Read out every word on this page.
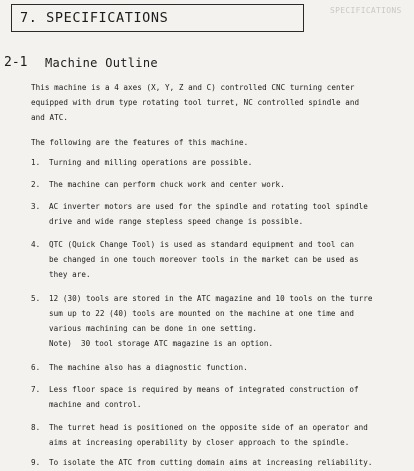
SPECIFICATIONS
7. SPECIFICATIONS
2-1 Machine Outline
This machine is a 4 axes (X, Y, Z and C) controlled CNC turning center
equipped with drum type rotating tool turret, NC controlled spindle and
and ATC.
The following are the features of this machine.
1. Turning and milling operations are possible.
2. The machine can perform chuck work and center work.
3. AC inverter motors are used for the spindle and rotating tool spindle
drive and wide range stepless speed change is possible.
4. QTC (Quick Change Tool) is used as standard equipment and tool can
be changed in one touch moreover tools in the market can be used as
they are.
5. 12 (30) tools are stored in the ATC magazine and 10 tools on the turre
sum up to 22 (40) tools are mounted on the machine at one time and
various machining can be done in one setting.
Note)  30 tool storage ATC magazine is an option.
6. The machine also has a diagnostic function.
7. Less floor space is required by means of integrated construction of
machine and control.
8. The turret head is positioned on the opposite side of an operator and
aims at increasing operability by closer approach to the spindle.
9. To isolate the ATC from cutting domain aims at increasing reliability.
